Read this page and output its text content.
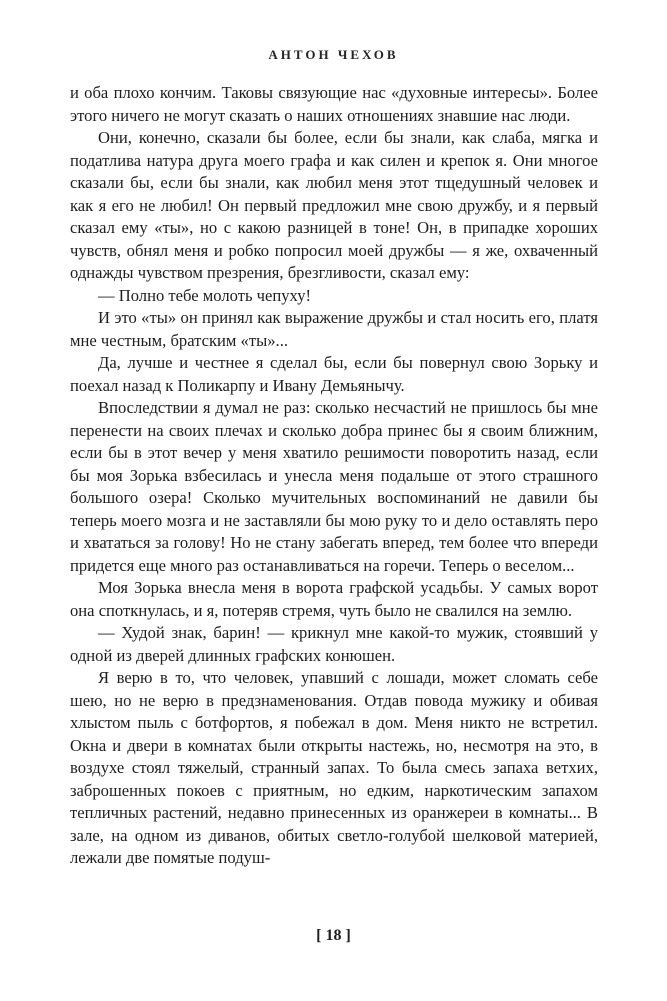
АНТОН ЧЕХОВ

и оба плохо кончим. Таковы связующие нас «духовные интересы». Более этого ничего не могут сказать о наших отношениях знавшие нас люди.

Они, конечно, сказали бы более, если бы знали, как слаба, мягка и податлива натура друга моего графа и как силен и крепок я. Они многое сказали бы, если бы знали, как любил меня этот тщедушный человек и как я его не любил! Он первый предложил мне свою дружбу, и я первый сказал ему «ты», но с какою разницей в тоне! Он, в припадке хороших чувств, обнял меня и робко попросил моей дружбы — я же, охваченный однажды чувством презрения, брезгливости, сказал ему:

— Полно тебе молоть чепуху!

И это «ты» он принял как выражение дружбы и стал носить его, платя мне честным, братским «ты»...

Да, лучше и честнее я сделал бы, если бы повернул свою Зорьку и поехал назад к Поликарпу и Ивану Демьянычу.

Впоследствии я думал не раз: сколько несчастий не пришлось бы мне перенести на своих плечах и сколько добра принес бы я своим ближним, если бы в этот вечер у меня хватило решимости поворотить назад, если бы моя Зорька взбесилась и унесла меня подальше от этого страшного большого озера! Сколько мучительных воспоминаний не давили бы теперь моего мозга и не заставляли бы мою руку то и дело оставлять перо и хвататься за голову! Но не стану забегать вперед, тем более что впереди придется еще много раз останавливаться на горечи. Теперь о веселом...

Моя Зорька внесла меня в ворота графской усадьбы. У самых ворот она споткнулась, и я, потеряв стремя, чуть было не свалился на землю.

— Худой знак, барин! — крикнул мне какой-то мужик, стоявший у одной из дверей длинных графских конюшен.

Я верю в то, что человек, упавший с лошади, может сломать себе шею, но не верю в предзнаменования. Отдав повода мужику и обивая хлыстом пыль с ботфортов, я побежал в дом. Меня никто не встретил. Окна и двери в комнатах были открыты настежь, но, несмотря на это, в воздухе стоял тяжелый, странный запах. То была смесь запаха ветхих, заброшенных покоев с приятным, но едким, наркотическим запахом тепличных растений, недавно принесенных из оранжереи в комнаты... В зале, на одном из диванов, обитых светло-голубой шелковой материей, лежали две помятые подуш-

[ 18 ]
